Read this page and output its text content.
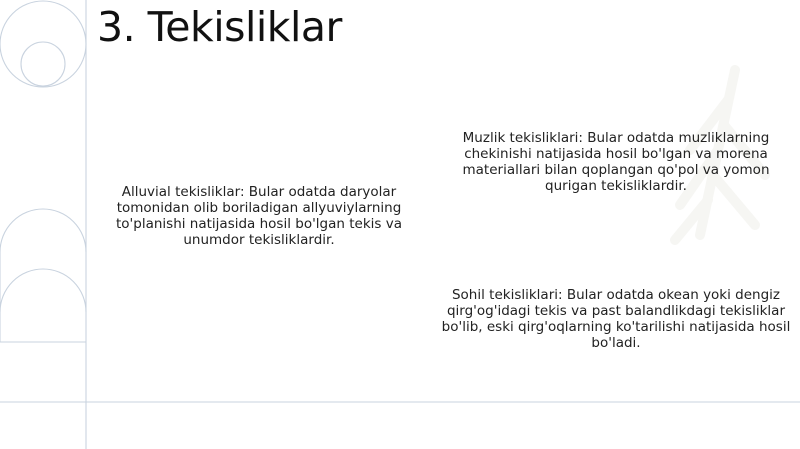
3. Tekisliklar
Alluvial tekisliklar: Bular odatda daryolar tomonidan olib boriladigan allyuviylarning to'planishi natijasida hosil bo'lgan tekis va unumdor tekisliklardir.
Muzlik tekisliklari: Bular odatda muzliklarning chekinishi natijasida hosil bo'lgan va morena materiallari bilan qoplangan qo'pol va yomon qurigan tekisliklardir.
Sohil tekisliklari: Bular odatda okean yoki dengiz qirg'og'idagi tekis va past balandlikdagi tekisliklar bo'lib, eski qirg'oqlarning ko'tarilishi natijasida hosil bo'ladi.
